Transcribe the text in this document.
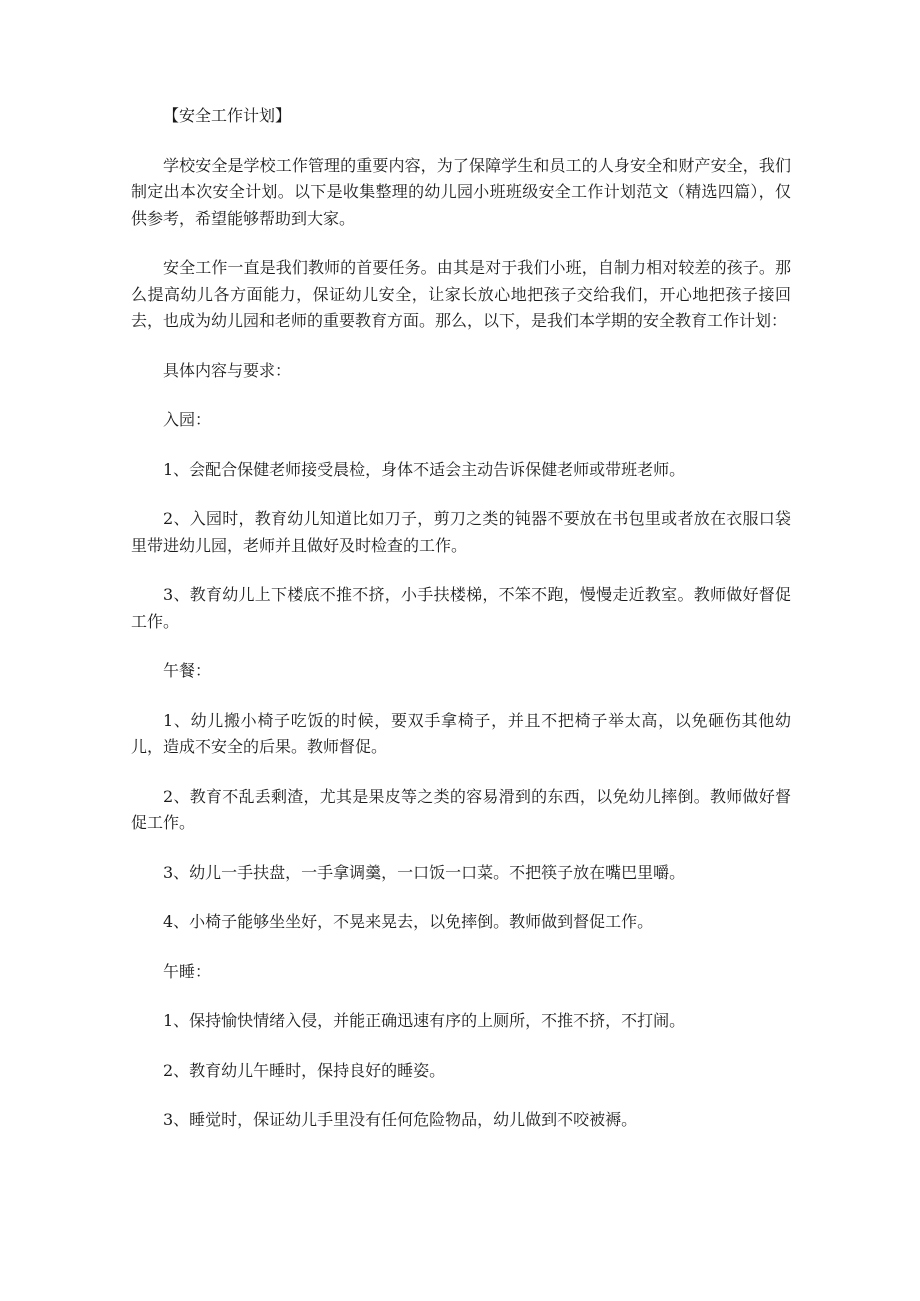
【安全工作计划】

学校安全是学校工作管理的重要内容，为了保障学生和员工的人身安全和财产安全，我们制定出本次安全计划。以下是收集整理的幼儿园小班班级安全工作计划范文（精选四篇），仅供参考，希望能够帮助到大家。

安全工作一直是我们教师的首要任务。由其是对于我们小班，自制力相对较差的孩子。那么提高幼儿各方面能力，保证幼儿安全，让家长放心地把孩子交给我们，开心地把孩子接回去，也成为幼儿园和老师的重要教育方面。那么，以下，是我们本学期的安全教育工作计划：

具体内容与要求：

入园：

1、会配合保健老师接受晨检，身体不适会主动告诉保健老师或带班老师。

2、入园时，教育幼儿知道比如刀子，剪刀之类的钝器不要放在书包里或者放在衣服口袋里带进幼儿园，老师并且做好及时检查的工作。

3、教育幼儿上下楼底不推不挤，小手扶楼梯，不笨不跑，慢慢走近教室。教师做好督促工作。

午餐：

1、幼儿搬小椅子吃饭的时候，要双手拿椅子，并且不把椅子举太高，以免砸伤其他幼儿，造成不安全的后果。教师督促。

2、教育不乱丢剩渣，尤其是果皮等之类的容易滑到的东西，以免幼儿摔倒。教师做好督促工作。

3、幼儿一手扶盘，一手拿调羹，一口饭一口菜。不把筷子放在嘴巴里嚼。

4、小椅子能够坐坐好，不晃来晃去，以免摔倒。教师做到督促工作。

午睡：

1、保持愉快情绪入侵，并能正确迅速有序的上厕所，不推不挤，不打闹。

2、教育幼儿午睡时，保持良好的睡姿。

3、睡觉时，保证幼儿手里没有任何危险物品，幼儿做到不咬被褥。
